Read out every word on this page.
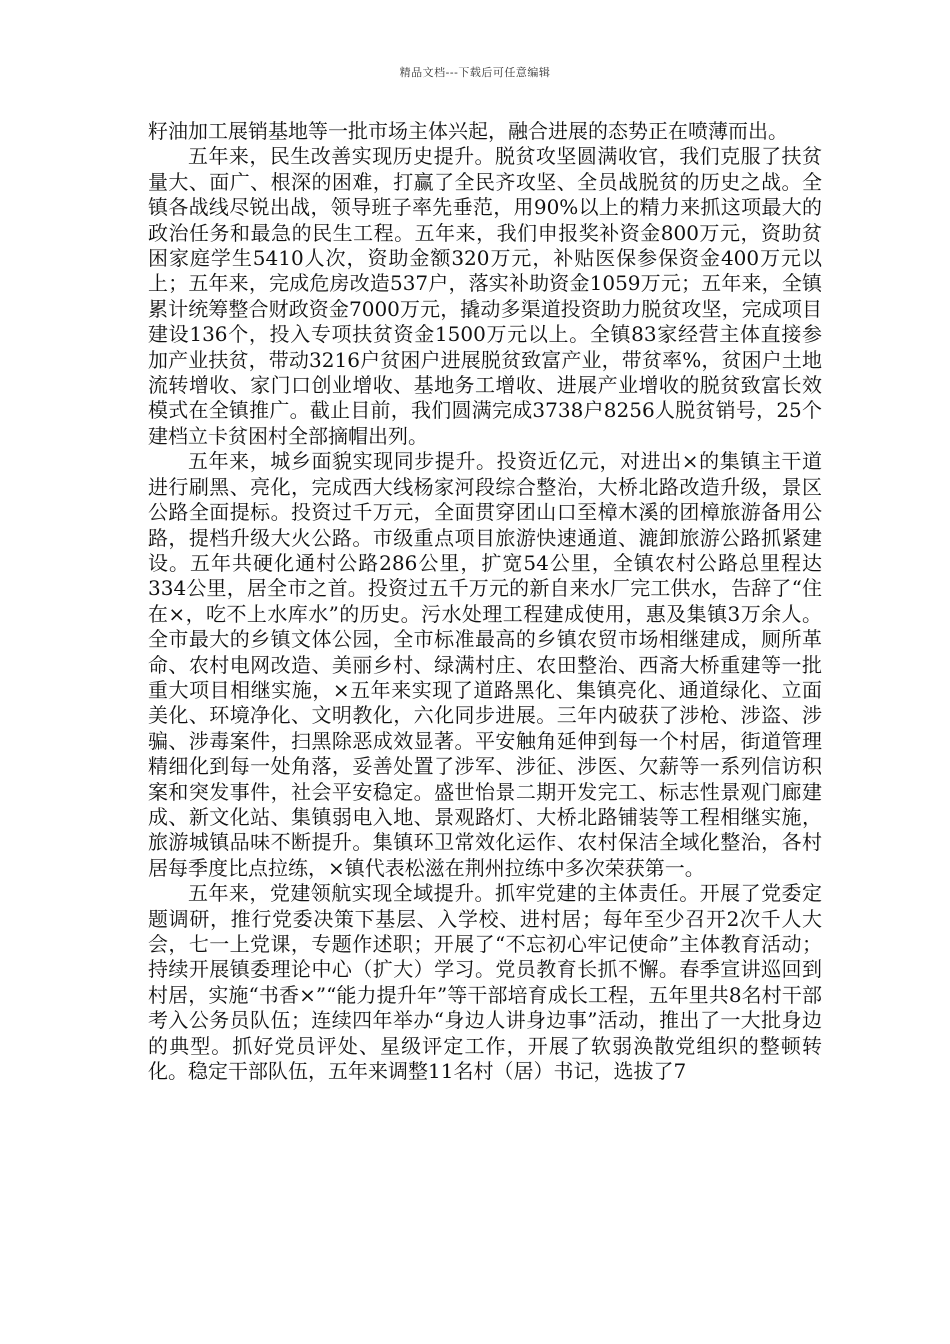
精品文档---下载后可任意编辑

籽油加工展销基地等一批市场主体兴起，融合进展的态势正在喷薄而出。

五年来，民生改善实现历史提升。脱贫攻坚圆满收官，我们克服了扶贫量大、面广、根深的困难，打赢了全民齐攻坚、全员战脱贫的历史之战。全镇各战线尽锐出战，领导班子率先垂范，用90%以上的精力来抓这项最大的政治任务和最急的民生工程。五年来，我们申报奖补资金800万元，资助贫困家庭学生5410人次，资助金额320万元，补贴医保参保资金400万元以上；五年来，完成危房改造537户，落实补助资金1059万元；五年来，全镇累计统筹整合财政资金7000万元，撬动多渠道投资助力脱贫攻坚，完成项目建设136个，投入专项扶贫资金1500万元以上。全镇83家经营主体直接参加产业扶贫，带动3216户贫困户进展脱贫致富产业，带贫率%，贫困户土地流转增收、家门口创业增收、基地务工增收、进展产业增收的脱贫致富长效模式在全镇推广。截止目前，我们圆满完成3738户8256人脱贫销号，25个建档立卡贫困村全部摘帽出列。

五年来，城乡面貌实现同步提升。投资近亿元，对进出×的集镇主干道进行刷黑、亮化，完成西大线杨家河段综合整治，大桥北路改造升级，景区公路全面提标。投资过千万元，全面贯穿团山口至樟木溪的团樟旅游备用公路，提档升级大火公路。市级重点项目旅游快速通道、漉卸旅游公路抓紧建设。五年共硬化通村公路286公里，扩宽54公里，全镇农村公路总里程达334公里，居全市之首。投资过五千万元的新自来水厂完工供水，告辞了“住在×，吃不上水库水”的历史。污水处理工程建成使用，惠及集镇3万余人。全市最大的乡镇文体公园，全市标准最高的乡镇农贸市场相继建成，厕所革命、农村电网改造、美丽乡村、绿满村庄、农田整治、西斋大桥重建等一批重大项目相继实施，×五年来实现了道路黑化、集镇亮化、通道绿化、立面美化、环境净化、文明教化，六化同步进展。三年内破获了涉枪、涉盗、涉骗、涉毒案件，扫黑除恶成效显著。平安触角延伸到每一个村居，街道管理精细化到每一处角落，妥善处置了涉军、涉征、涉医、欠薪等一系列信访积案和突发事件，社会平安稳定。盛世怡景二期开发完工、标志性景观门廊建成、新文化站、集镇弱电入地、景观路灯、大桥北路铺装等工程相继实施，旅游城镇品味不断提升。集镇环卫常效化运作、农村保洁全域化整治，各村居每季度比点拉练，×镇代表松滋在荆州拉练中多次荣获第一。

五年来，党建领航实现全域提升。抓牢党建的主体责任。开展了党委定题调研，推行党委决策下基层、入学校、进村居；每年至少召开2次千人大会，七一上党课，专题作述职；开展了“不忘初心牢记使命”主体教育活动；持续开展镇委理论中心（扩大）学习。党员教育长抓不懈。春季宣讲巡回到村居，实施“书香×”“能力提升年”等干部培育成长工程，五年里共8名村干部考入公务员队伍；连续四年举办“身边人讲身边事”活动，推出了一大批身边的典型。抓好党员评处、星级评定工作，开展了软弱涣散党组织的整顿转化。稳定干部队伍，五年来调整11名村（居）书记，选拔了7
